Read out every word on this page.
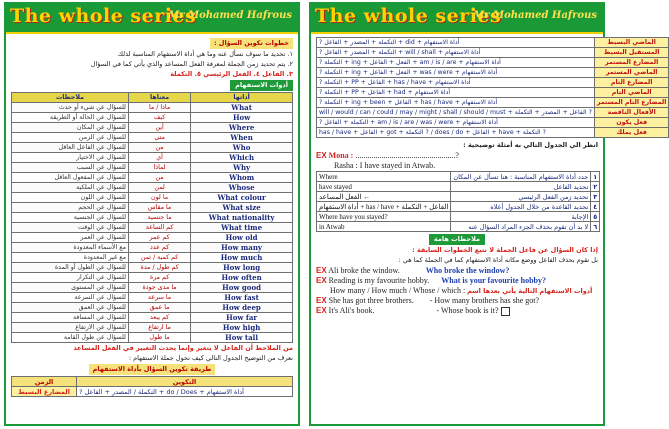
The whole series
Mr Mohamed Hafrous
خطوات تكوين السؤال :
١. تحديد ما سوف نسأل عنه وما هي أداة الاستفهام المناسبة لذلك
٢. يتم تحديد زمن الجملة لمعرفة الفعل المساعد والذي يأتي كما في السؤال
٣. الفاعل ٤. الفعل الرئيسي ٥. التكملة
أدوات الاستفهام
ملاحظات	معناها	أداتها
للسؤال عن شيء أو حدث	ماذا / ما	What
للسؤال عن الحالة أو الطريقة	كيف	How
للسؤال عن المكان	أين	Where
للسؤال عن الزمن	متى	When
للسؤال عن الفاعل العاقل	من	Who
للسؤال عن الاختيار	أي	Which
للسؤال عن السبب	لماذا	Why
للسؤال عن المفعول العاقل	من	Whom
للسؤال عن الملكية	لمن	Whose
للسؤال عن اللون	ما لون	What colour
للسؤال عن الحجم	ما مقاس	What size
للسؤال عن الجنسية	ما جنسية	What nationality
للسؤال عن الوقت	كم الساعة	What time
للسؤال عن العمر	كم عمر	How old
مع الأسماء المعدودة	كم عدد	How many
مع غير المعدودة	كم كمية / ثمن	How much
للسؤال عن الطول أو المدة	كم طول / مدة	How long
للسؤال عن التكرار	كم مرة	How often
للسؤال عن المستوى	ما مدى جودة	How good
للسؤال عن السرعة	ما سرعة	How fast
للسؤال عن العمق	ما عمق	How deep
للسؤال عن المسافة	كم يبعد	How far
للسؤال عن الارتفاع	ما ارتفاع	How high
للسؤال عن طول القامة	ما طول	How tall
من الملاحظ أن الفاعل لا يتغير وإنما يحدث التغيير في الفعل المساعد
نعرف من التوضيح الجدول التالي كيف نحول جملة الاستفهام :
طريقة تكوين السؤال بأداة الاستفهام
الزمن	التكوين
المضارع البسيط	? التكملة / المصدر + الفاعل + do / Does + أداة الاستفهام
The whole series
Mr Mohamed Hafrous
? التكملة + المصدر + الفاعل + did + أداة الاستفهام	الماضي البسيط
? التكملة + المصدر + الفاعل + will / shall + أداة الاستفهام	المستقبل البسيط
? التكملة + ing + الفعل + الفاعل + am / is / are + أداة الاستفهام	المضارع المستمر
? التكملة + ing + الفعل + الفاعل + was / were + أداة الاستفهام	الماضي المستمر
? التكملة + PP + الفاعل + has / have + أداة الاستفهام	المضارع التام
? التكملة + PP + الفاعل + had + أداة الاستفهام	الماضي التام
? التكملة + ing + been + الفاعل + has / have + أداة الاستفهام	المضارع التام المستمر
will / would / can / could / may / might / shall / should / must + الفاعل + المصدر + التكملة ?	الأفعال الناقصة
? التكملة + الفاعل + am / is / are / was / were + أداة الاستفهام	فعل يكون
has / have + الفاعل + got + التكملة ? / does / do + الفاعل + have + التكملة ?	فعل يملك
انظر الي الجدول التالي به أمثلة توضيحية :
EX Mona : ..................................................?
Rasha : I have stayed in Atwab.
Where	حدد أداة الاستفهام المناسبة : هنا تسأل عن المكان	١
have stayed	تحديد الفاعل	٢
الفعل المساعد ←	تحديد زمن الفعل الرئيسي	٣
أداة الاستفهام + has / have + الفاعل + التكملة	تحديد القاعدة من خلال الجدول أعلاه	٤
Where have you stayed?	الإجابة	٥
in Atwab	لا بد أن تقوم بحذف الجزء المراد السؤال عنه	٦
ملاحظات هامة
إذا كان السؤال عن فاعل الجملة لا نتبع الخطوات السابقة :
بل تقوم بحذف الفاعل ووضع مكانه أداة الاستفهام كما في الجملة كما هي :
EX Ali broke the window.	Who broke the window?
EX Reading is my favourite hobby. What is your favourite hobby?
How many / How much / Whose / which : أدوات الاستفهام التالية يأتي بعدها اسم
EX She has got three brothers. - How many brothers has she got?
EX It's Ali's book.	- Whose book is it?
